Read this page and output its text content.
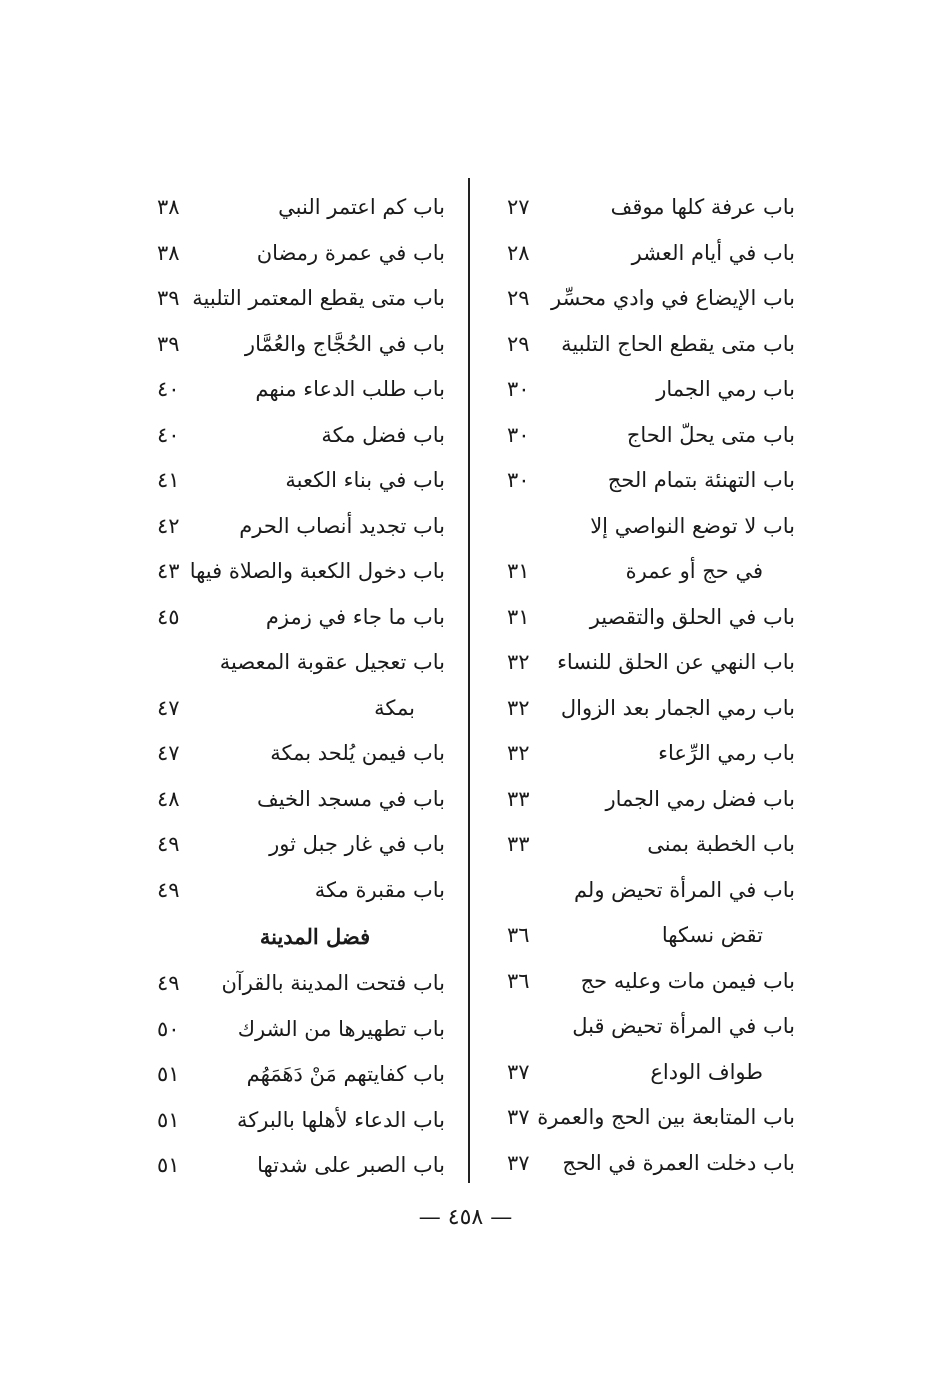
باب عرفة كلها موقف
٢٧
باب في أيام العشر
٢٨
باب الإيضاع في وادي محسِّر
٢٩
باب متى يقطع الحاج التلبية
٢٩
باب رمي الجمار
٣٠
باب متى يحلّ الحاج
٣٠
باب التهنئة بتمام الحج
٣٠
باب لا توضع النواصي إلا
في حج أو عمرة
٣١
باب في الحلق والتقصير
٣١
باب النهي عن الحلق للنساء
٣٢
باب رمي الجمار بعد الزوال
٣٢
باب رمي الرِّعاء
٣٢
باب فضل رمي الجمار
٣٣
باب الخطبة بمنى
٣٣
باب في المرأة تحيض ولم
تقض نسكها
٣٦
باب فيمن مات وعليه حج
٣٦
باب في المرأة تحيض قبل
طواف الوداع
٣٧
باب المتابعة بين الحج والعمرة
٣٧
باب دخلت العمرة في الحج
٣٧
باب كم اعتمر النبي
٣٨
باب في عمرة رمضان
٣٨
باب متى يقطع المعتمر التلبية
٣٩
باب في الحُجَّاج والعُمَّار
٣٩
باب طلب الدعاء منهم
٤٠
باب فضل مكة
٤٠
باب في بناء الكعبة
٤١
باب تجديد أنصاب الحرم
٤٢
باب دخول الكعبة والصلاة فيها
٤٣
باب ما جاء في زمزم
٤٥
باب تعجيل عقوبة المعصية
بمكة
٤٧
باب فيمن يُلحد بمكة
٤٧
باب في مسجد الخيف
٤٨
باب في غار جبل ثور
٤٩
باب مقبرة مكة
٤٩
فضل المدينة
باب فتحت المدينة بالقرآن
٤٩
باب تطهيرها من الشرك
٥٠
باب كفايتهم مَنْ دَهَمَهُم
٥١
باب الدعاء لأهلها بالبركة
٥١
باب الصبر على شدتها
٥١
— ٤٥٨ —
